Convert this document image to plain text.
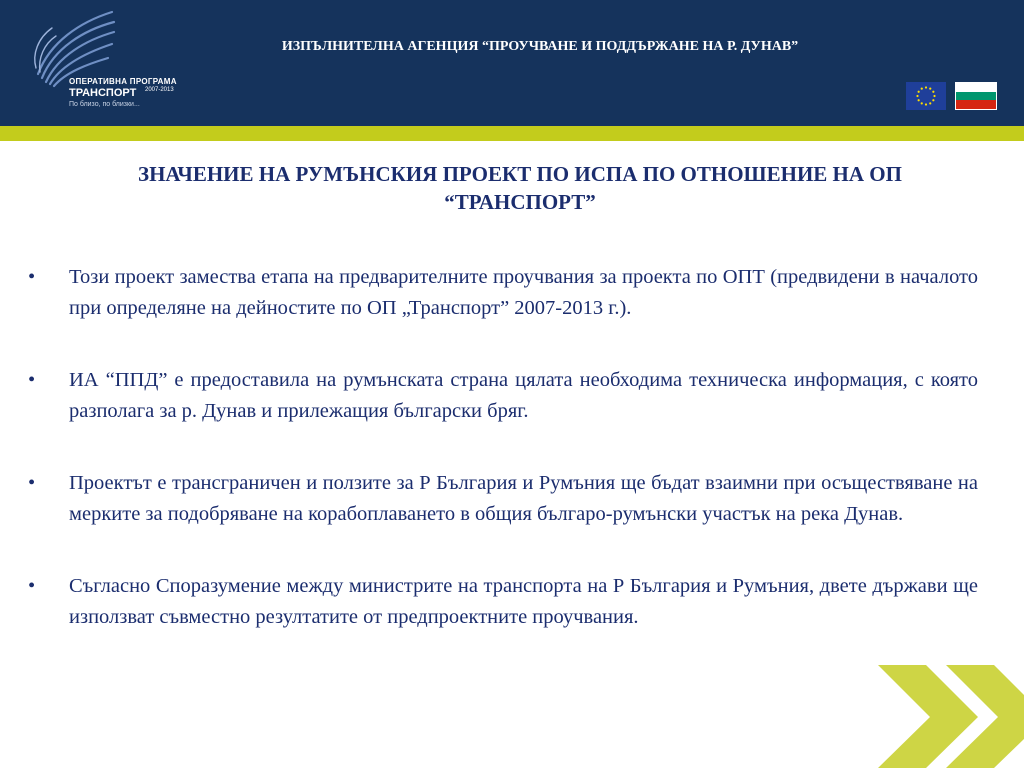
ОПЕРАТИВНА ПРОГРАМА
ТРАНСПОРТ 2007-2013
По близо, по близки...
ИЗПЪЛНИТЕЛНА АГЕНЦИЯ “ПРОУЧВАНЕ И ПОДДЪРЖАНЕ НА Р. ДУНАВ”
ЗНАЧЕНИЕ НА РУМЪНСКИЯ ПРОЕКТ ПО ИСПА ПО ОТНОШЕНИЕ НА ОП “ТРАНСПОРТ”
• Този проект замества етапа на предварителните проучвания за проекта по ОПТ (предвидени в началото при определяне на дейностите по ОП „Транспорт” 2007-2013 г.).
• ИА “ППД” е предоставила на румънската страна цялата необходима техническа информация, с която разполага за р. Дунав и прилежащия български бряг.
• Проектът е трансграничен и ползите за Р България и Румъния ще бъдат взаимни при осъществяване на мерките за подобряване на корабоплаването в общия българо-румънски участък на река Дунав.
• Съгласно Споразумение между министрите на транспорта на Р България и Румъния, двете държави ще използват съвместно резултатите от предпроектните проучвания.
